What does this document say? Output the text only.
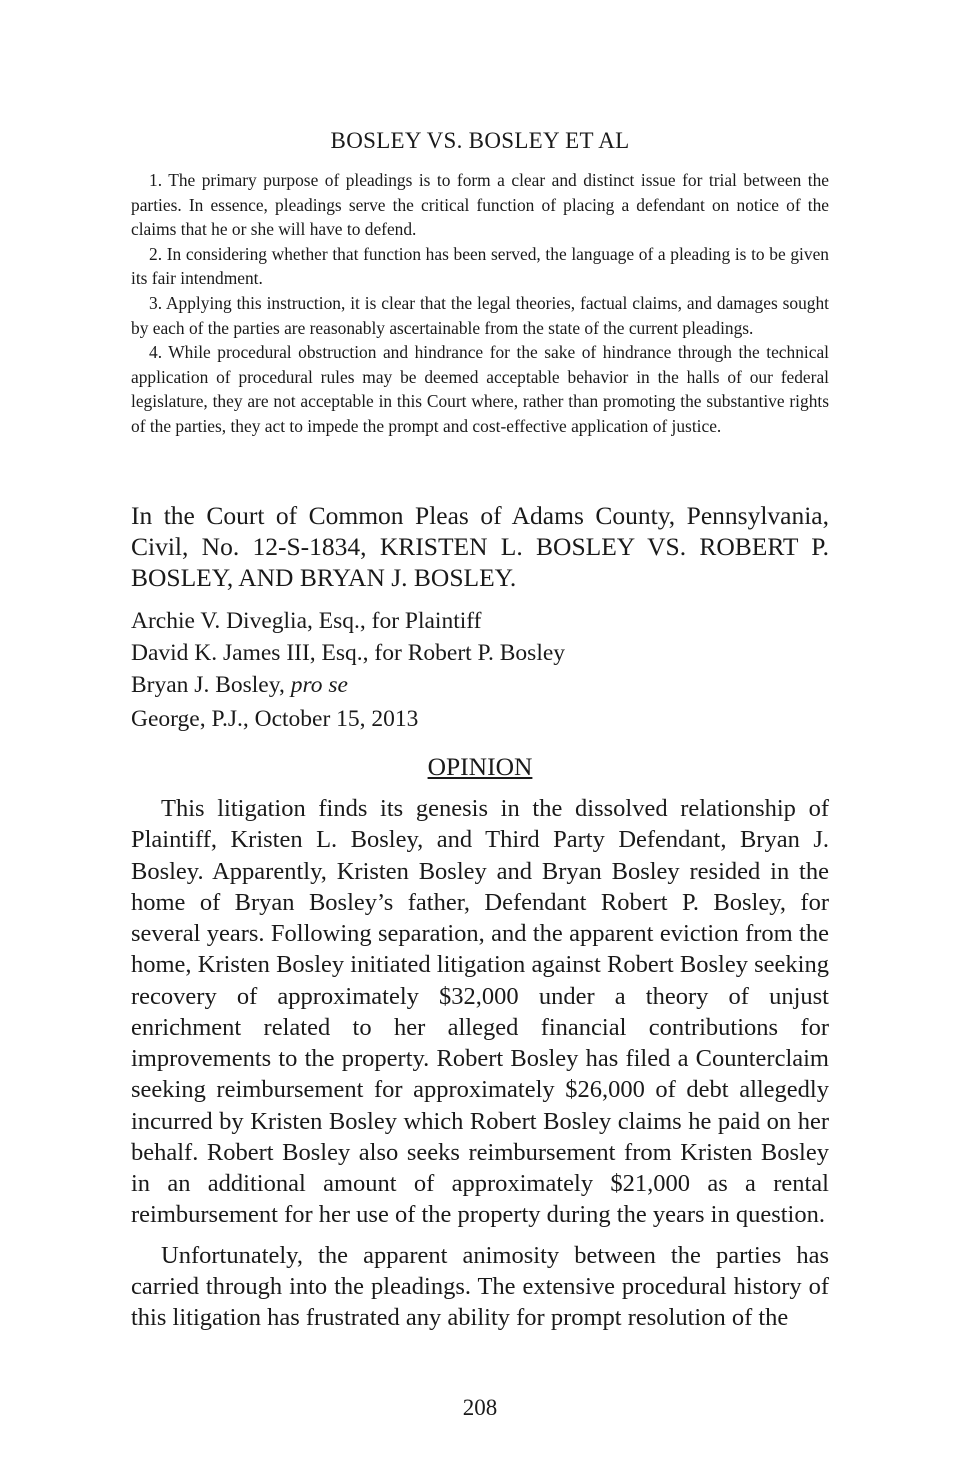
BOSLEY VS. BOSLEY ET AL

1. The primary purpose of pleadings is to form a clear and distinct issue for trial between the parties. In essence, pleadings serve the critical function of placing a defendant on notice of the claims that he or she will have to defend.

2. In considering whether that function has been served, the language of a pleading is to be given its fair intendment.

3. Applying this instruction, it is clear that the legal theories, factual claims, and damages sought by each of the parties are reasonably ascertainable from the state of the current pleadings.

4. While procedural obstruction and hindrance for the sake of hindrance through the technical application of procedural rules may be deemed acceptable behavior in the halls of our federal legislature, they are not acceptable in this Court where, rather than promoting the substantive rights of the parties, they act to impede the prompt and cost-effective application of justice.

In the Court of Common Pleas of Adams County, Pennsylvania, Civil, No. 12-S-1834, KRISTEN L. BOSLEY VS. ROBERT P. BOSLEY, AND BRYAN J. BOSLEY.

Archie V. Diveglia, Esq., for Plaintiff
David K. James III, Esq., for Robert P. Bosley
Bryan J. Bosley, pro se
George, P.J., October 15, 2013
OPINION

This litigation finds its genesis in the dissolved relationship of Plaintiff, Kristen L. Bosley, and Third Party Defendant, Bryan J. Bosley. Apparently, Kristen Bosley and Bryan Bosley resided in the home of Bryan Bosley’s father, Defendant Robert P. Bosley, for several years. Following separation, and the apparent eviction from the home, Kristen Bosley initiated litigation against Robert Bosley seeking recovery of approximately $32,000 under a theory of unjust enrichment related to her alleged financial contributions for improvements to the property. Robert Bosley has filed a Counterclaim seeking reimbursement for approximately $26,000 of debt allegedly incurred by Kristen Bosley which Robert Bosley claims he paid on her behalf. Robert Bosley also seeks reimbursement from Kristen Bosley in an additional amount of approximately $21,000 as a rental reimbursement for her use of the property during the years in question.

Unfortunately, the apparent animosity between the parties has carried through into the pleadings. The extensive procedural history of this litigation has frustrated any ability for prompt resolution of the

208
